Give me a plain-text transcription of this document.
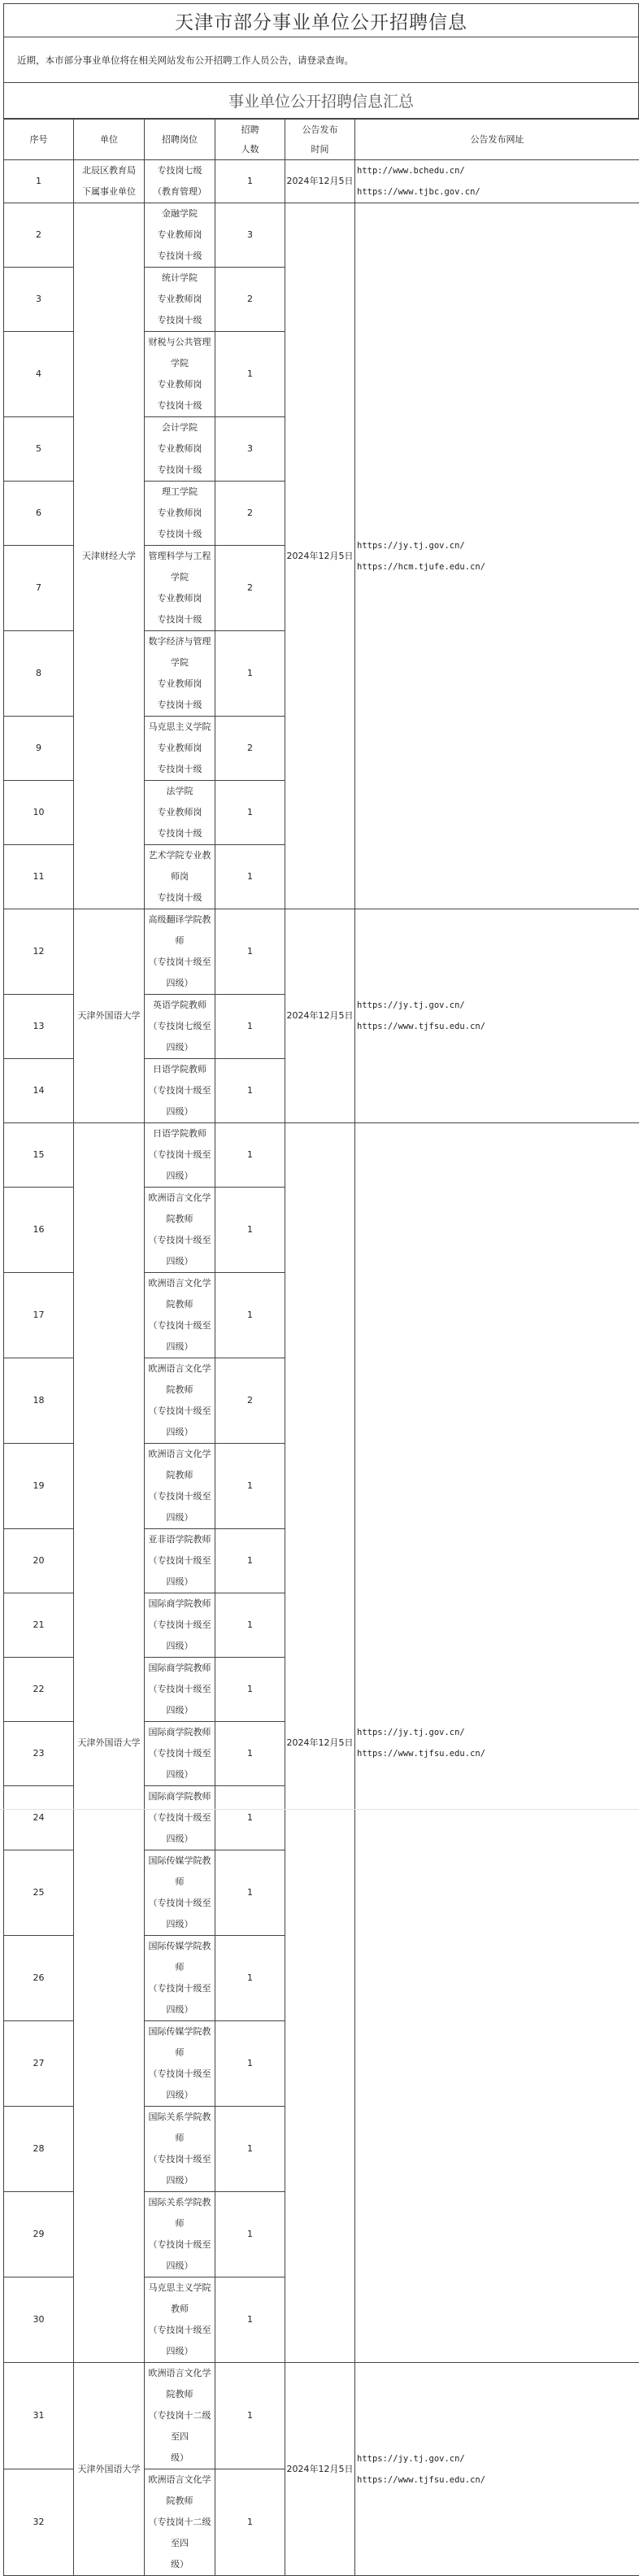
天津市部分事业单位公开招聘信息
近期，本市部分事业单位将在相关网站发布公开招聘工作人员公告，请登录查询。
事业单位公开招聘信息汇总
序号	单位	招聘岗位	招聘
人数	公告发布
时间	公告发布网址
1	北辰区教育局
下属事业单位	专技岗七级
（教育管理）	1	2024年12月5日	http://www.bchedu.cn/
https://www.tjbc.gov.cn/

2	天津财经大学	金融学院
专业教师岗
专技岗十级	3	2024年12月5日	https://jy.tj.gov.cn/
https://hcm.tjufe.edu.cn/

3		统计学院
专业教师岗
专技岗十级	2		
4		财税与公共管理学院
专业教师岗
专技岗十级	1		
5		会计学院
专业教师岗
专技岗十级	3		
6		理工学院
专业教师岗
专技岗十级	2		
7		管理科学与工程学院
专业教师岗
专技岗十级	2		
8		数字经济与管理学院
专业教师岗
专技岗十级	1		
9		马克思主义学院
专业教师岗
专技岗十级	2		
10		法学院
专业教师岗
专技岗十级	1		
11		艺术学院专业教师岗
专技岗十级	1		
12	天津外国语大学	高级翻译学院教师
（专技岗十级至四级）	1	2024年12月5日	https://jy.tj.gov.cn/
https://www.tjfsu.edu.cn/

13		英语学院教师
（专技岗七级至四级）	1		
14		日语学院教师
（专技岗十级至四级）	1		
15	天津外国语大学	日语学院教师
（专技岗十级至四级）	1	2024年12月5日	https://jy.tj.gov.cn/
https://www.tjfsu.edu.cn/

16		欧洲语言文化学院教师
（专技岗十级至四级）	1		
17		欧洲语言文化学院教师
（专技岗十级至四级）	1		
18		欧洲语言文化学院教师
（专技岗十级至四级）	2		
19		欧洲语言文化学院教师
（专技岗十级至四级）	1		
20		亚非语学院教师
（专技岗十级至四级）	1		
21		国际商学院教师
（专技岗十级至四级）	1		
22		国际商学院教师
（专技岗十级至四级）	1		
23		国际商学院教师
（专技岗十级至四级）	1		
24		国际商学院教师
（专技岗十级至四级）	1		
25		国际传媒学院教师
（专技岗十级至四级）	1		
26		国际传媒学院教师
（专技岗十级至四级）	1		
27		国际传媒学院教师
（专技岗十级至四级）	1		
28		国际关系学院教师
（专技岗十级至四级）	1		
29		国际关系学院教师
（专技岗十级至四级）	1		
30		马克思主义学院教师
（专技岗十级至四级）	1		
31	天津外国语大学	欧洲语言文化学院教师
（专技岗十二级至四
级）	1	2024年12月5日	https://jy.tj.gov.cn/
https://www.tjfsu.edu.cn/

32		欧洲语言文化学院教师
（专技岗十二级至四
级）	1		
